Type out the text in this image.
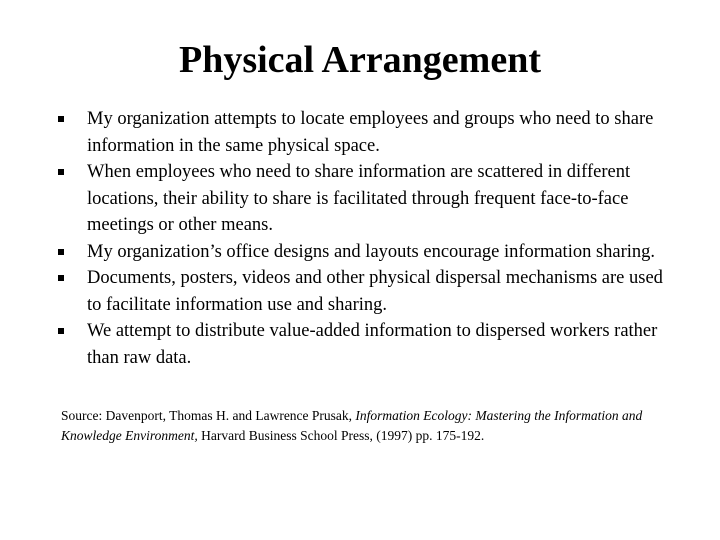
Physical Arrangement
My organization attempts to locate employees and groups who need to share information in the same physical space.
When employees who need to share information are scattered in different locations, their ability to share is facilitated through frequent face-to-face meetings or other means.
My organization’s office designs and layouts encourage information sharing.
Documents, posters, videos and other physical dispersal mechanisms are used to facilitate information use and sharing.
We attempt to distribute value-added information to dispersed workers rather than raw data.

Source: Davenport, Thomas H. and Lawrence Prusak, Information Ecology: Mastering the Information and Knowledge Environment, Harvard Business School Press, (1997) pp. 175-192.
